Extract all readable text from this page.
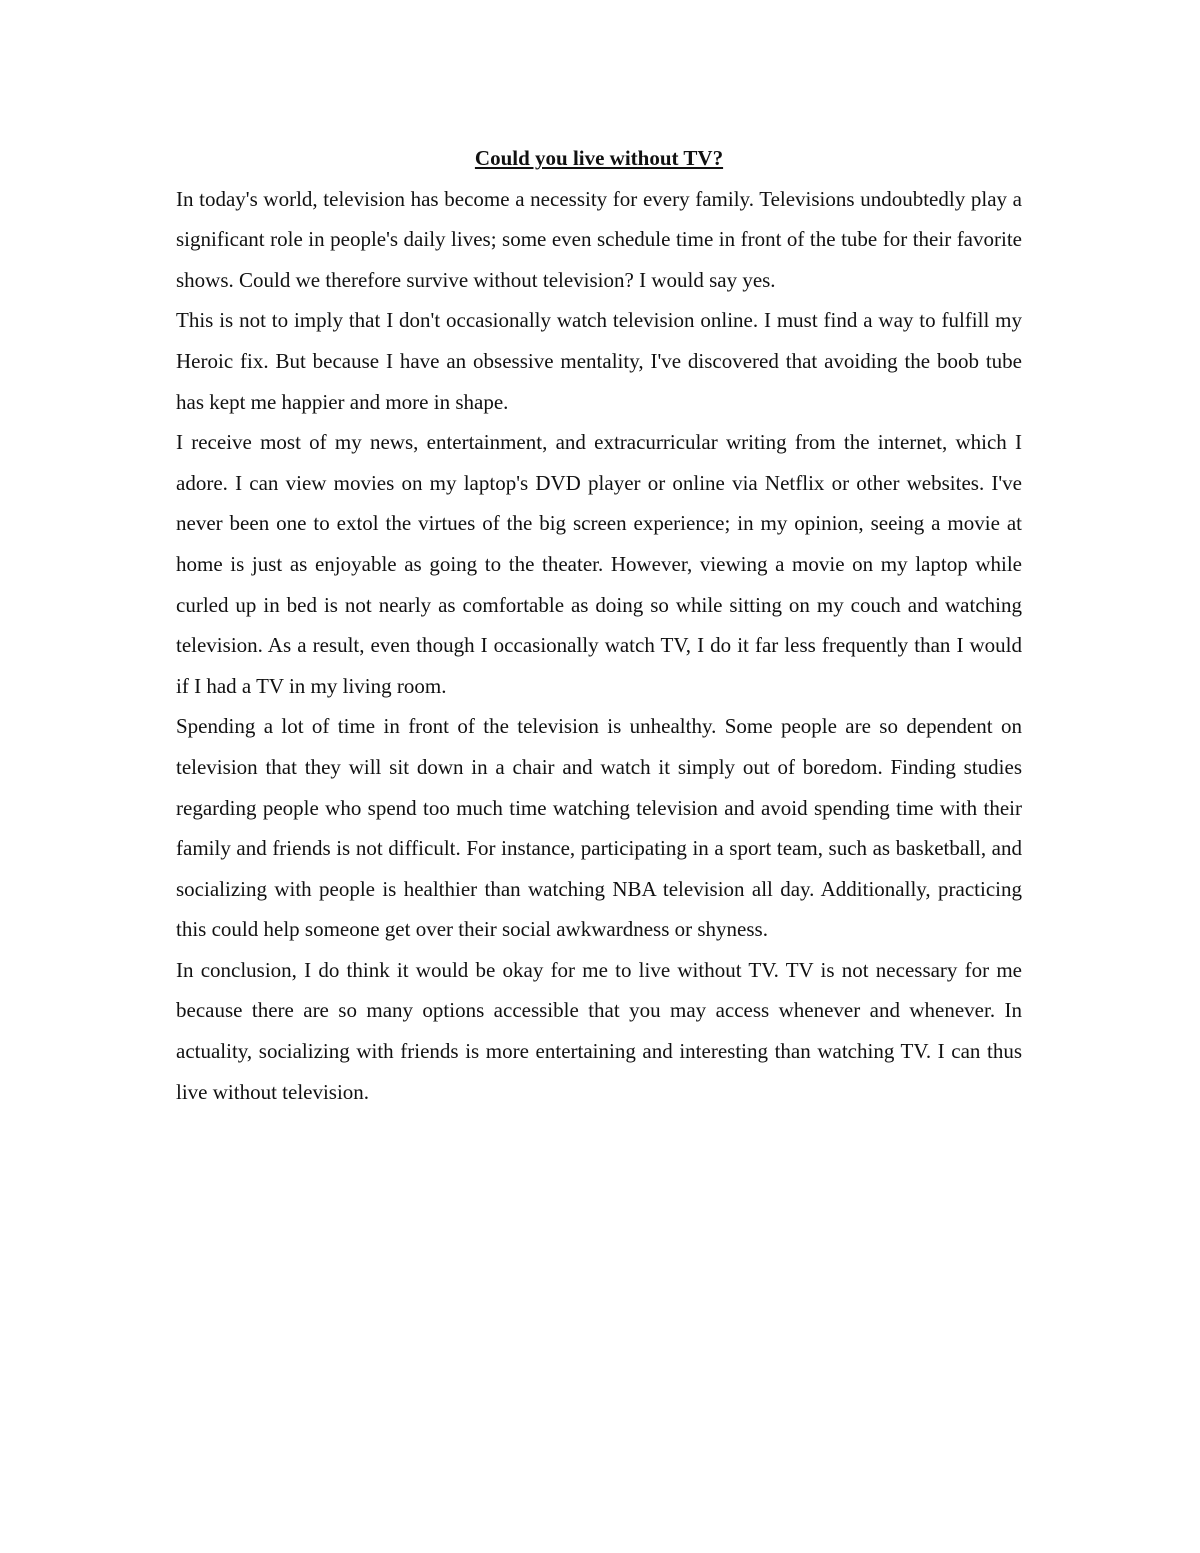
Could you live without TV?

In today's world, television has become a necessity for every family. Televisions undoubtedly play a significant role in people's daily lives; some even schedule time in front of the tube for their favorite shows. Could we therefore survive without television? I would say yes.

This is not to imply that I don't occasionally watch television online. I must find a way to fulfill my Heroic fix. But because I have an obsessive mentality, I've discovered that avoiding the boob tube has kept me happier and more in shape.

I receive most of my news, entertainment, and extracurricular writing from the internet, which I adore. I can view movies on my laptop's DVD player or online via Netflix or other websites. I've never been one to extol the virtues of the big screen experience; in my opinion, seeing a movie at home is just as enjoyable as going to the theater. However, viewing a movie on my laptop while curled up in bed is not nearly as comfortable as doing so while sitting on my couch and watching television. As a result, even though I occasionally watch TV, I do it far less frequently than I would if I had a TV in my living room.

Spending a lot of time in front of the television is unhealthy. Some people are so dependent on television that they will sit down in a chair and watch it simply out of boredom. Finding studies regarding people who spend too much time watching television and avoid spending time with their family and friends is not difficult. For instance, participating in a sport team, such as basketball, and socializing with people is healthier than watching NBA television all day. Additionally, practicing this could help someone get over their social awkwardness or shyness.

In conclusion, I do think it would be okay for me to live without TV. TV is not necessary for me because there are so many options accessible that you may access whenever and whenever. In actuality, socializing with friends is more entertaining and interesting than watching TV. I can thus live without television.
